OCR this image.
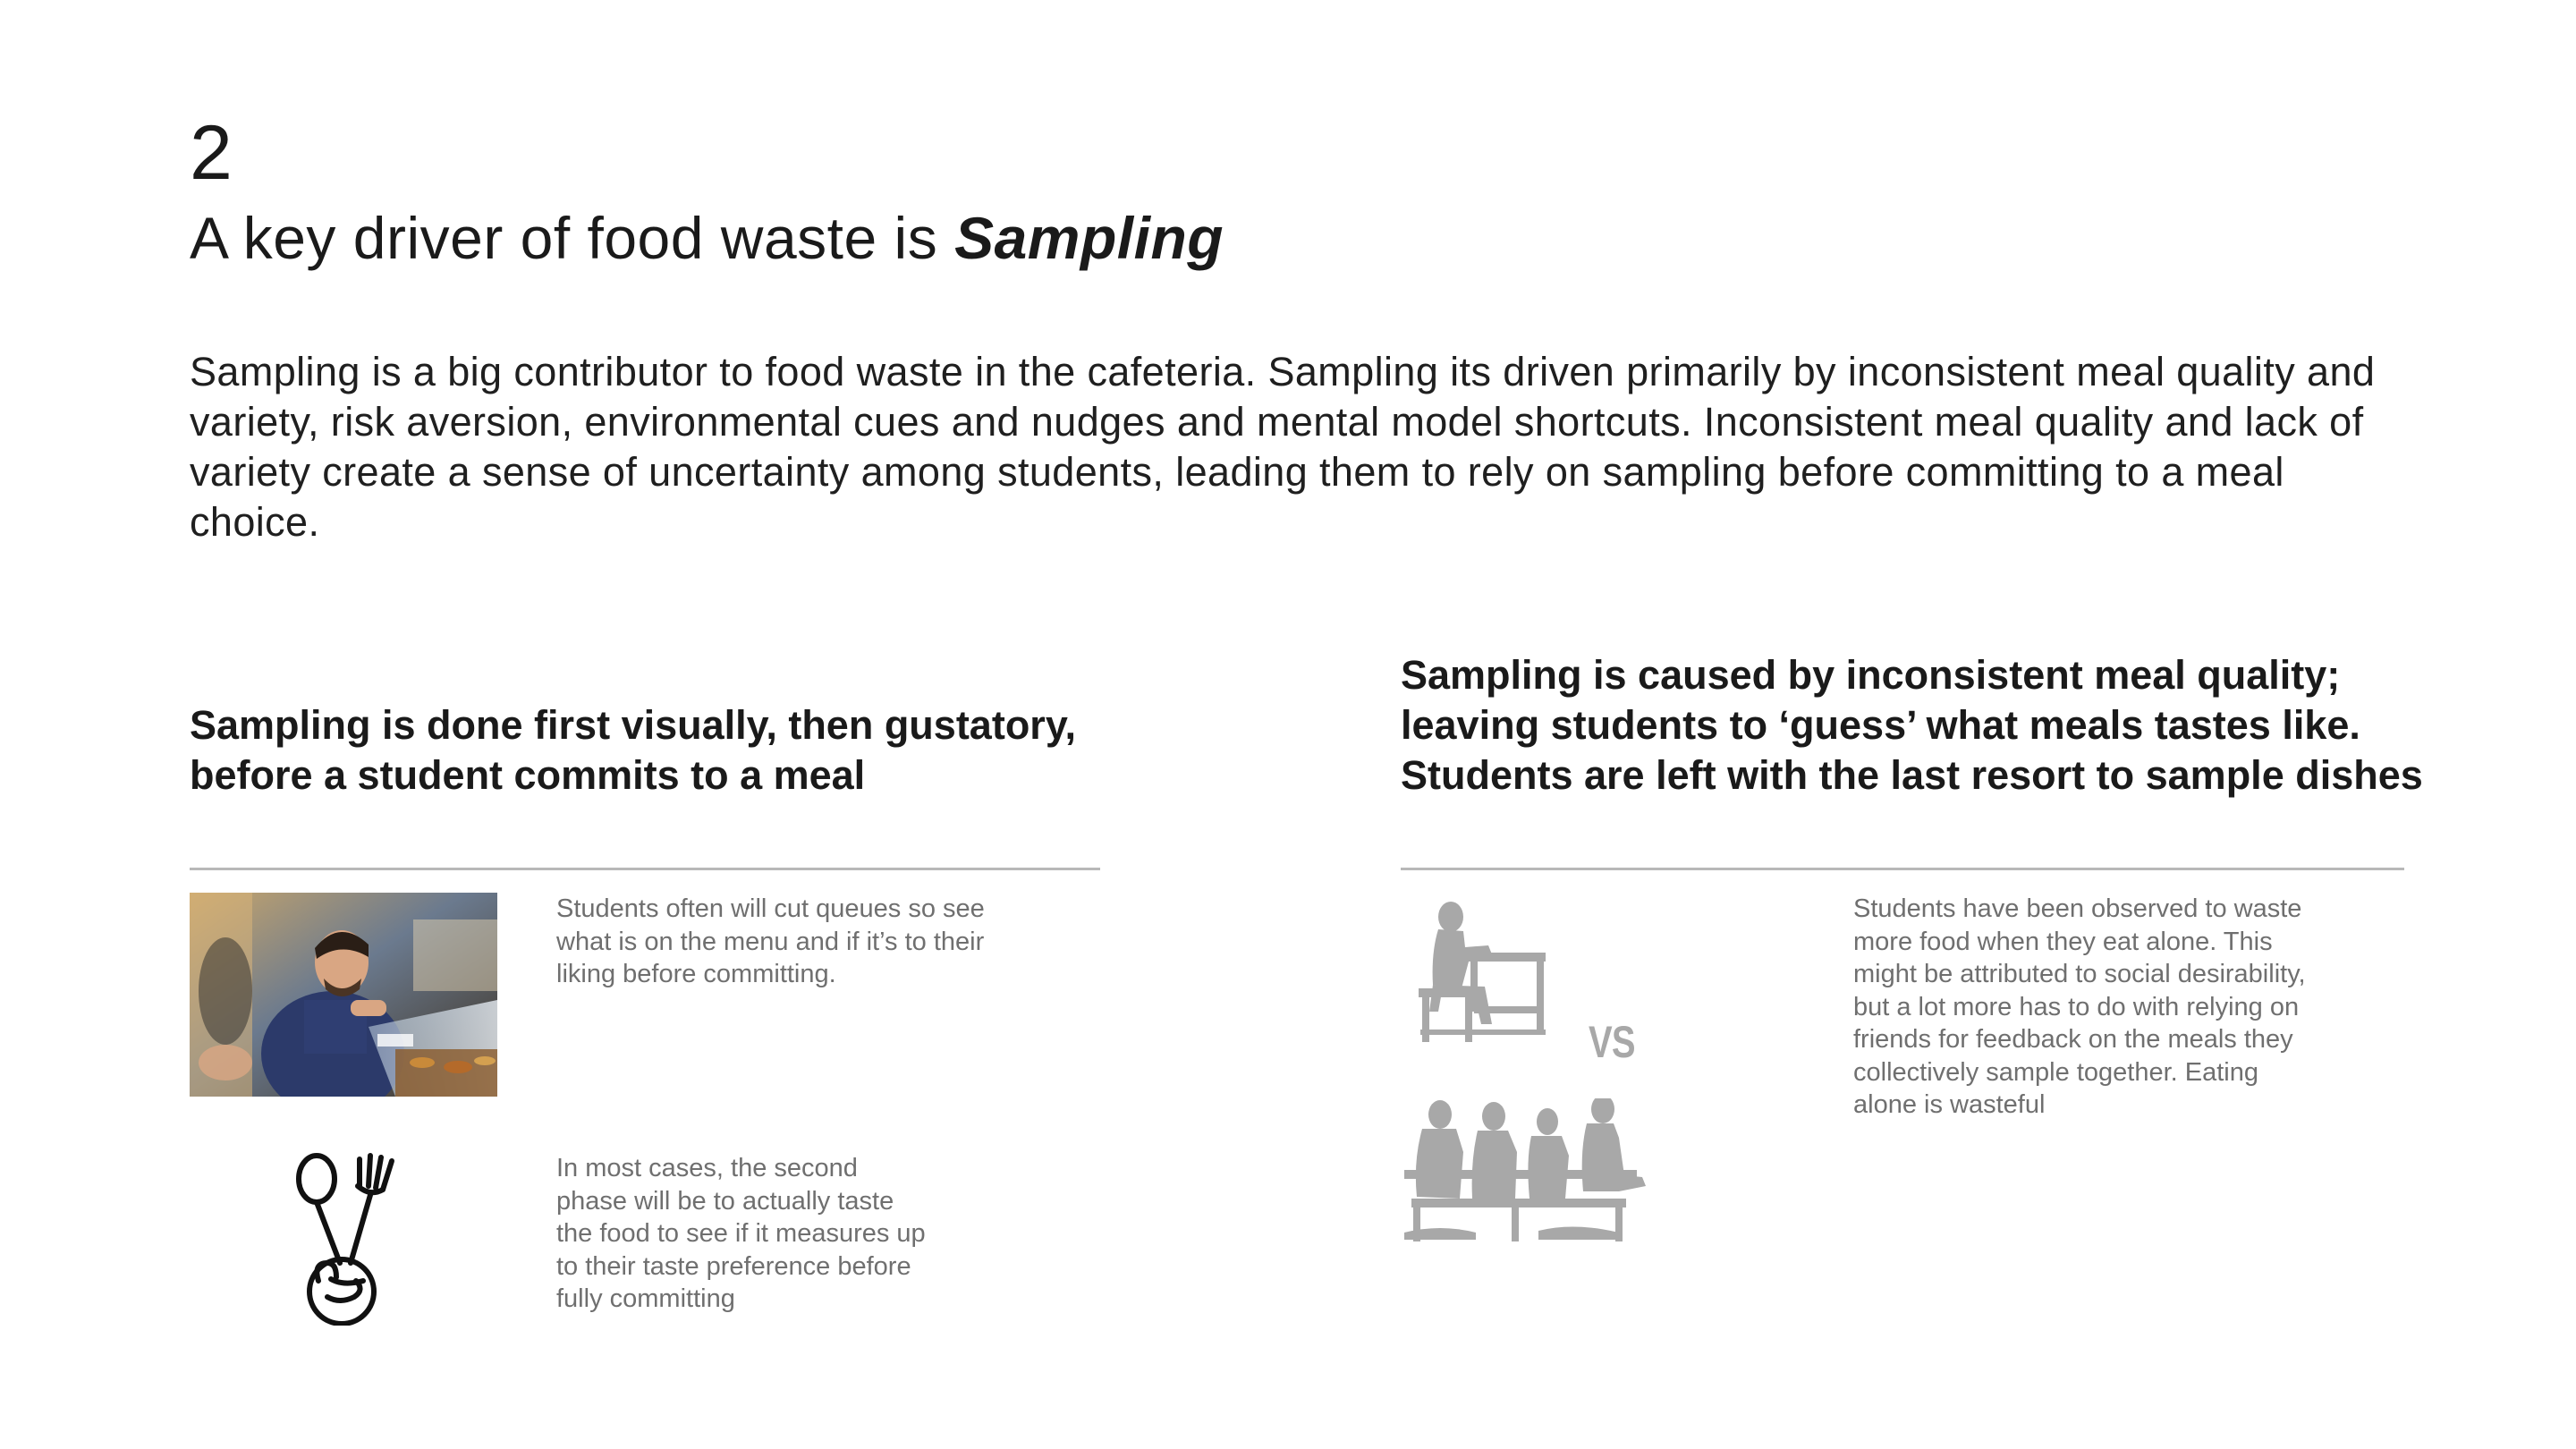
2
A key driver of food waste is Sampling
Sampling is a big contributor to food waste in the cafeteria. Sampling its driven primarily by inconsistent meal quality and variety, risk aversion, environmental cues and nudges and mental model shortcuts. Inconsistent meal quality and lack of variety create a sense of uncertainty among students, leading them to rely on sampling before committing to a meal choice.
Sampling is done first visually, then gustatory, before a student commits to a meal
Students often will cut queues so see what is on the menu and if it’s to their liking before committing.
In most cases, the second phase will be to actually taste the food to see if it measures up to their taste preference before fully committing
Sampling is caused by inconsistent meal quality; leaving students to ‘guess’ what meals tastes like. Students are left with the last resort to sample dishes
VS
Students have been observed to waste more food when they eat alone. This might be attributed to social desirability, but a lot more has to do with relying on friends for feedback on the meals they collectively sample together. Eating alone is wasteful
